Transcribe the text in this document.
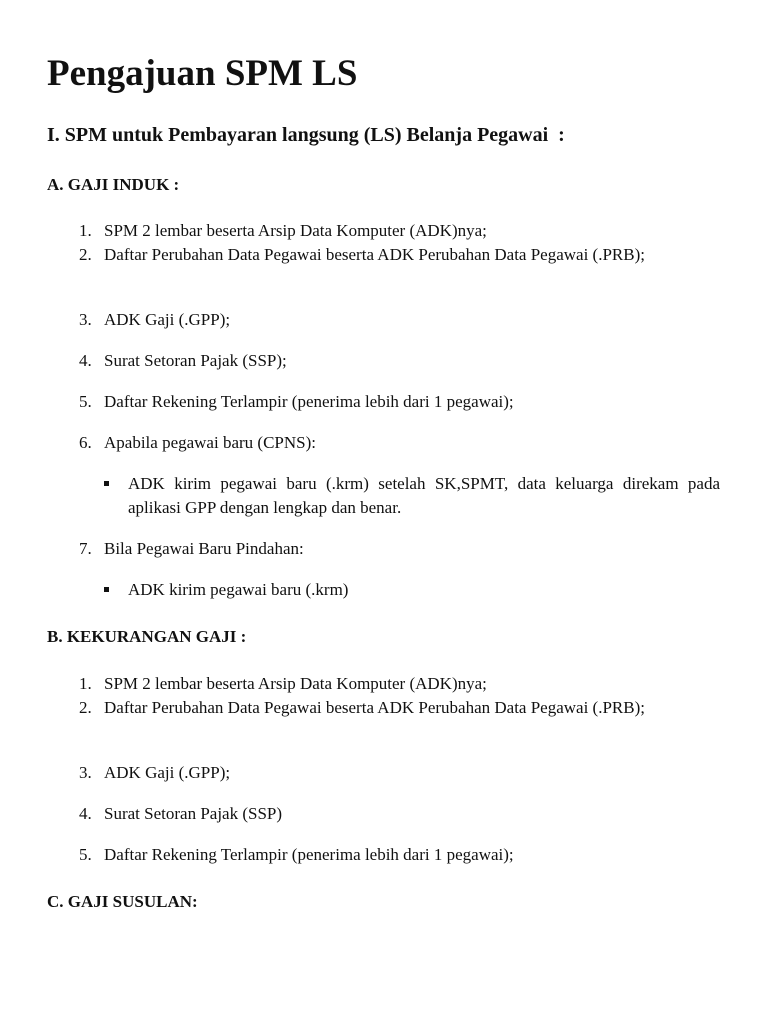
Pengajuan SPM LS
I. SPM untuk Pembayaran langsung (LS) Belanja Pegawai  :
A. GAJI INDUK :
1. SPM 2 lembar beserta Arsip Data Komputer (ADK)nya;
2. Daftar Perubahan Data Pegawai beserta ADK Perubahan Data Pegawai (.PRB);
3. ADK Gaji (.GPP);
4. Surat Setoran Pajak (SSP);
5. Daftar Rekening Terlampir (penerima lebih dari 1 pegawai);
6. Apabila pegawai baru (CPNS):
ADK kirim pegawai baru (.krm) setelah SK,SPMT, data keluarga direkam pada aplikasi GPP dengan lengkap dan benar.
7. Bila Pegawai Baru Pindahan:
ADK kirim pegawai baru (.krm)
B. KEKURANGAN GAJI :
1. SPM 2 lembar beserta Arsip Data Komputer (ADK)nya;
2. Daftar Perubahan Data Pegawai beserta ADK Perubahan Data Pegawai (.PRB);
3. ADK Gaji (.GPP);
4. Surat Setoran Pajak (SSP)
5. Daftar Rekening Terlampir (penerima lebih dari 1 pegawai);
C. GAJI SUSULAN:
